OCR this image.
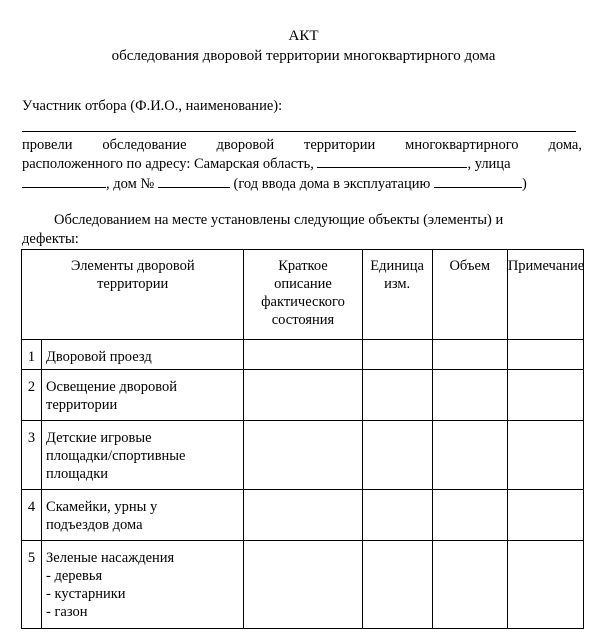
АКТ
обследования дворовой территории многоквартирного дома
Участник отбора (Ф.И.О., наименование):
провели обследование дворовой территории многоквартирного дома,
расположенного по адресу: Самарская область,	, улица
, дом №	(год ввода дома в эксплуатацию	)
Обследованием на месте установлены следующие объекты (элементы) и
дефекты:
Элементы дворовой
территории		Краткое
описание
фактического
состояния	Единица
изм.	Объем	Примечание

1	Дворовой проезд				

2	Освещение дворовой
территории				

3	Детские игровые
площадки/спортивные
площадки				

4	Скамейки, урны у
подъездов дома				

5	Зеленые насаждения
- деревья
- кустарники
- газон				
